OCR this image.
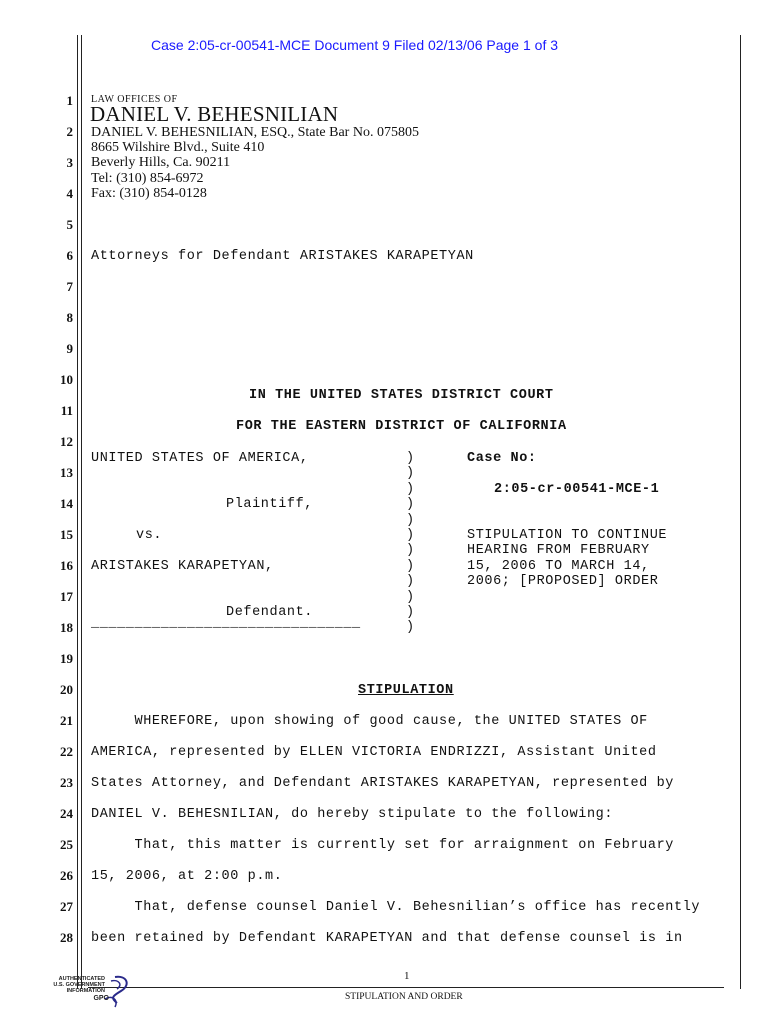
Case 2:05-cr-00541-MCE Document 9 Filed 02/13/06 Page 1 of 3
1
2
3
4
5
6
7
8
9
10
11
12
13
14
15
16
17
18
19
20
21
22
23
24
25
26
27
28
LAW OFFICES OF
DANIEL V. BEHESNILIAN
DANIEL V. BEHESNILIAN, ESQ., State Bar No. 075805
8665 Wilshire Blvd., Suite 410
Beverly Hills, Ca. 90211
Tel: (310) 854-6972
Fax: (310) 854-0128
Attorneys for Defendant ARISTAKES KARAPETYAN
IN THE UNITED STATES DISTRICT COURT
FOR THE EASTERN DISTRICT OF CALIFORNIA
UNITED STATES OF AMERICA,
Plaintiff,
vs.
ARISTAKES KARAPETYAN,
Defendant.
_______________________________
)
)
)
)
)
)
)
)
)
)
)
)
Case No:
2:05-cr-00541-MCE-1
STIPULATION TO CONTINUE
HEARING FROM FEBRUARY
15, 2006 TO MARCH 14,
2006; [PROPOSED] ORDER
STIPULATION
WHEREFORE, upon showing of good cause, the UNITED STATES OF
AMERICA, represented by ELLEN VICTORIA ENDRIZZI, Assistant United
States Attorney, and Defendant ARISTAKES KARAPETYAN, represented by
DANIEL V. BEHESNILIAN, do hereby stipulate to the following:
That, this matter is currently set for arraignment on February
15, 2006, at 2:00 p.m.
That, defense counsel Daniel V. Behesnilian’s office has recently
been retained by Defendant KARAPETYAN and that defense counsel is in
1
STIPULATION AND ORDER
AUTHENTICATED
U.S. GOVERNMENT
INFORMATION
GPO
